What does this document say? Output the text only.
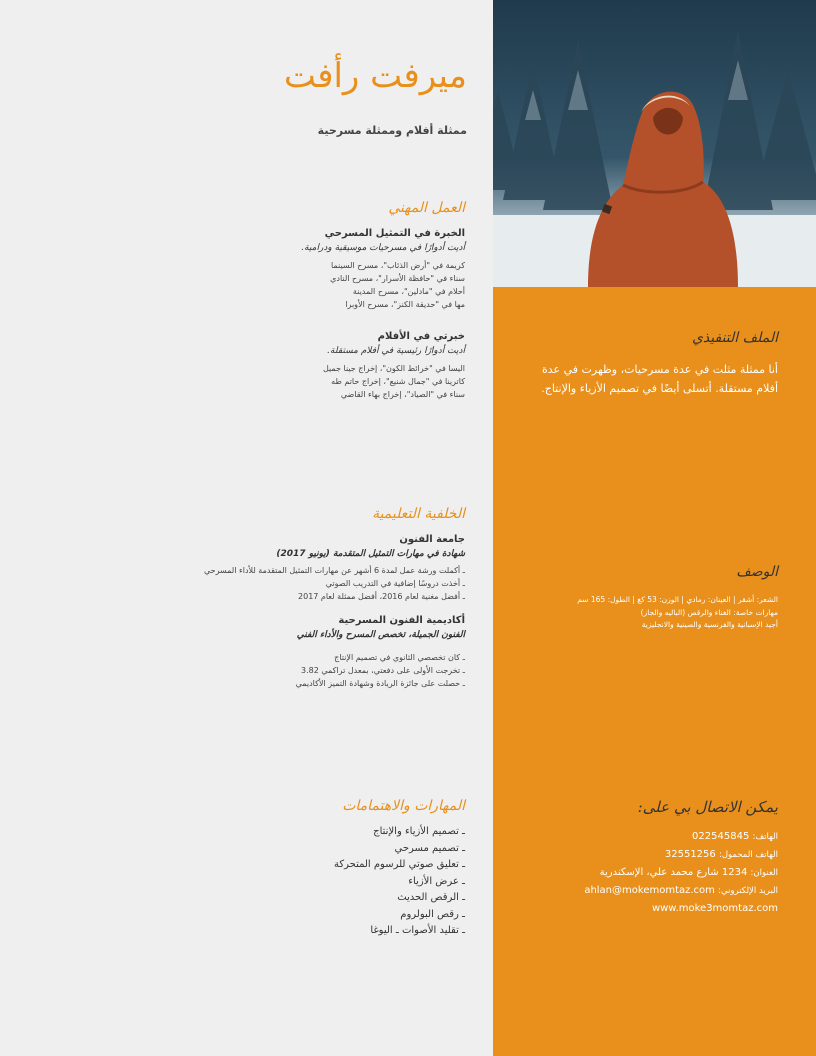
ميرفت رأفت
ممثلة أفلام وممثلة مسرحية
العمل المهني
الخبرة في التمثيل المسرحي
أديت أدوارًا في مسرحيات موسيقية ودرامية.
كريمة في "أرض الذئاب"، مسرح السينما
سناء في "حافظة الأسرار"، مسرح النادي
أحلام في "مادلين"، مسرح المدينة
مها في "حديقة الكنز"، مسرح الأوبرا
خبرتي في الأفلام
أديت أدوارًا رئيسية في أفلام مستقلة.
اليسا في "خرائط الكون"، إخراج جينا جميل
كاترينا في "جمال شنيع"، إخراج حاتم طه
سناء في "الصياد"، إخراج بهاء القاضي
الخلفية التعليمية
جامعة الفنون
شهادة في مهارات التمثيل المتقدمة (يونيو 2017)
ـ أكملت ورشة عمل لمدة 6 أشهر عن مهارات التمثيل المتقدمة للأداء المسرحي
ـ أخذت دروسًا إضافية في التدريب الصوتي
ـ أفضل مغنية لعام 2016، أفضل ممثلة لعام 2017
أكاديمية الفنون المسرحية
الفنون الجميلة، تخصص المسرح والأداء الفني
ـ كان تخصصي الثانوي في تصميم الإنتاج
ـ تخرجت الأولى على دفعتي، بمعدل تراكمي 3.82
ـ حصلت على جائزة الريادة وشهادة التميز الأكاديمي
المهارات والاهتمامات
ـ تصميم الأزياء والإنتاج
ـ تصميم مسرحي
ـ تعليق صوتي للرسوم المتحركة
ـ عرض الأزياء
ـ الرقص الحديث
ـ رقص البولروم
ـ تقليد الأصوات ـ اليوغا
الملف التنفيذي
أنا ممثلة مثلت في عدة مسرحيات، وظهرت في عدة أفلام مستقلة. أتسلى أيضًا في تصميم الأزياء والإنتاج.
الوصف
الشعر: أشقر | العينان: رمادي | الوزن: 53 كغ | الطول: 165 سم
مهارات خاصة: الغناء والرقص (الباليه والجاز)
أجيد الإسبانية والفرنسية والصينية والانجليزية
يمكن الاتصال بي على:
الهاتف: 022545845
الهاتف المحمول: 32551256
العنوان: 1234 شارع محمد علي، الإسكندرية
البريد الإلكتروني: ahlan@mokemomtaz.com
www.moke3momtaz.com
